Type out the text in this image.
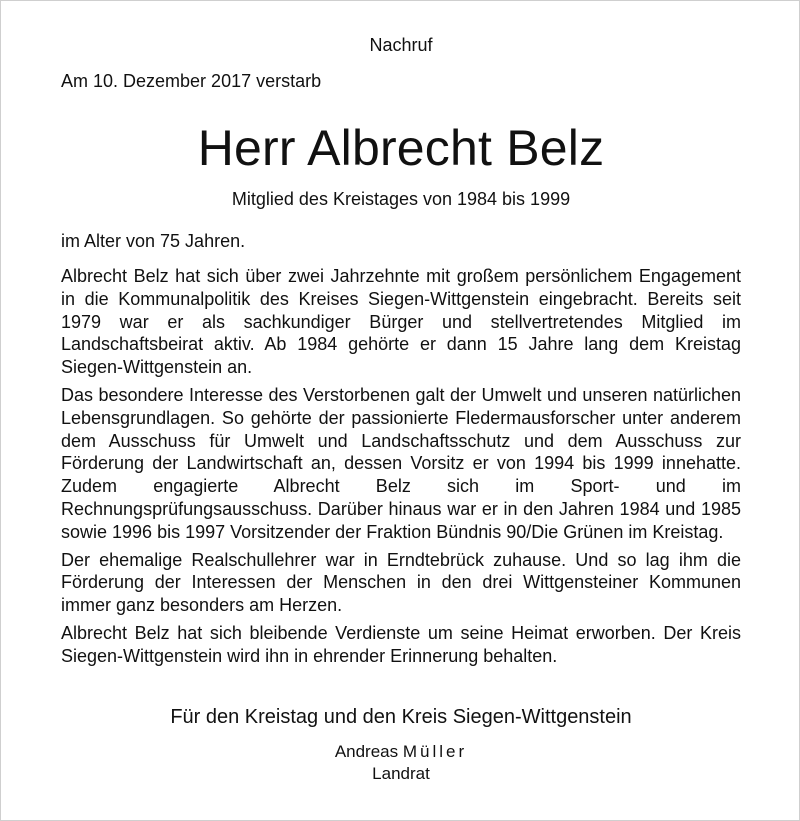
Nachruf
Am 10. Dezember 2017 verstarb
Herr Albrecht Belz
Mitglied des Kreistages von 1984 bis 1999
im Alter von 75 Jahren.

Albrecht Belz hat sich über zwei Jahrzehnte mit großem persönlichem Engagement in die Kommunalpolitik des Kreises Siegen-Wittgenstein eingebracht. Bereits seit 1979 war er als sachkundiger Bürger und stellvertretendes Mitglied im Landschaftsbeirat aktiv. Ab 1984 gehörte er dann 15 Jahre lang dem Kreistag Siegen-Wittgenstein an.

Das besondere Interesse des Verstorbenen galt der Umwelt und unseren natürlichen Lebensgrundlagen. So gehörte der passionierte Fledermausforscher unter anderem dem Ausschuss für Umwelt und Landschaftsschutz und dem Ausschuss zur Förderung der Landwirtschaft an, dessen Vorsitz er von 1994 bis 1999 innehatte. Zudem engagierte Albrecht Belz sich im Sport- und im Rechnungsprüfungsausschuss. Darüber hinaus war er in den Jahren 1984 und 1985 sowie 1996 bis 1997 Vorsitzender der Fraktion Bündnis 90/Die Grünen im Kreistag.

Der ehemalige Realschullehrer war in Erndtebrück zuhause. Und so lag ihm die Förderung der Interessen der Menschen in den drei Wittgensteiner Kommunen immer ganz besonders am Herzen.

Albrecht Belz hat sich bleibende Verdienste um seine Heimat erworben. Der Kreis Siegen-Wittgenstein wird ihn in ehrender Erinnerung behalten.

Für den Kreistag und den Kreis Siegen-Wittgenstein
Andreas Müller
Landrat
